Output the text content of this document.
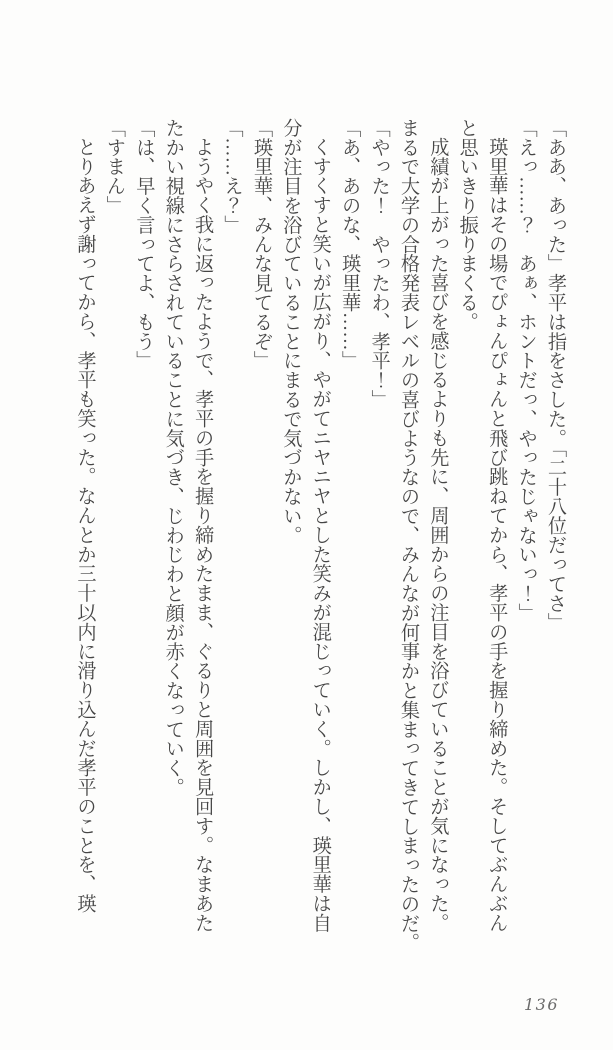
「ああ、あった」孝平は指をさした。「二十八位だってさ」
「えっ……？　あぁ、ホントだっ、やったじゃないっ！」
瑛里華はその場でぴょんぴょんと飛び跳ねてから、孝平の手を握り締めた。そしてぶんぶん
と思いきり振りまくる。
成績が上がった喜びを感じるよりも先に、周囲からの注目を浴びていることが気になった。
まるで大学の合格発表レベルの喜びようなので、みんなが何事かと集まってきてしまったのだ。
「やった！　やったわ、孝平！」
「あ、あのな、瑛里華……」
くすくすと笑いが広がり、やがてニヤニヤとした笑みが混じっていく。しかし、瑛里華は自
分が注目を浴びていることにまるで気づかない。
「瑛里華、みんな見てるぞ」
「……え？」
ようやく我に返ったようで、孝平の手を握り締めたまま、ぐるりと周囲を見回す。なまあた
たかい視線にさらされていることに気づき、じわじわと顔が赤くなっていく。
「は、早く言ってよ、もう」
「すまん」
とりあえず謝ってから、孝平も笑った。なんとか三十以内に滑り込んだ孝平のことを、瑛
136
